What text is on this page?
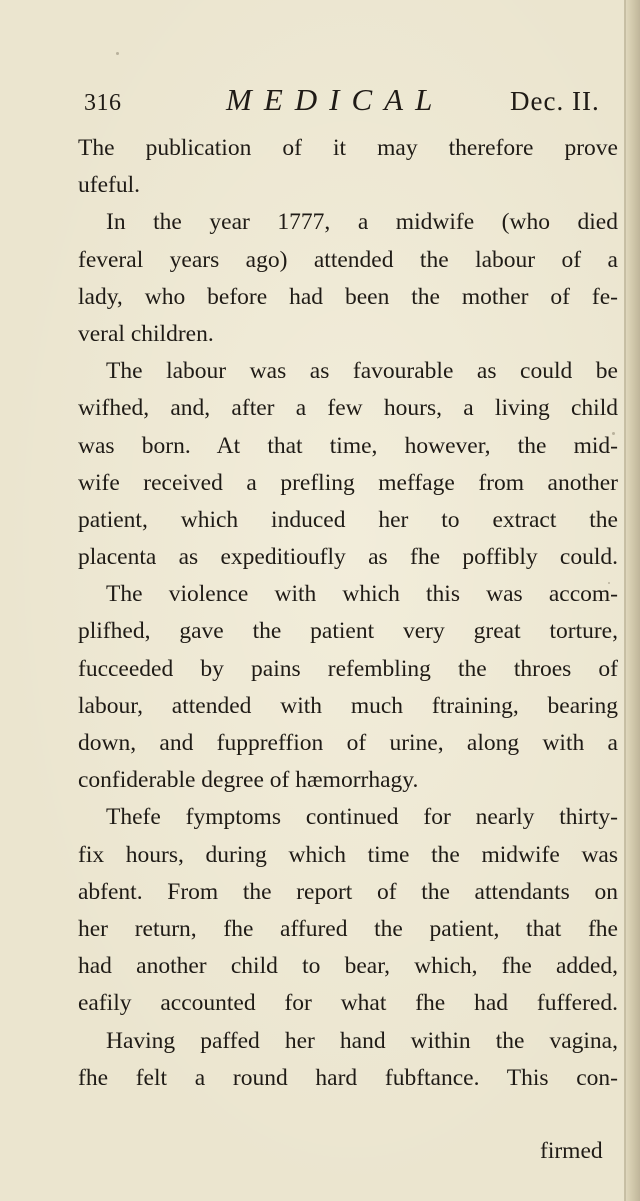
316	MEDICAL Dec. II.
The publication of it may therefore prove
ufeful.
In the year 1777, a midwife (who died
feveral years ago) attended the labour of a
lady, who before had been the mother of fe-
veral children.
The labour was as favourable as could be
wifhed, and, after a few hours, a living child
was born. At that time, however, the mid-
wife received a prefling meffage from another
patient, which induced her to extract the
placenta as expeditioufly as fhe poffibly could.
The violence with which this was accom-
plifhed, gave the patient very great torture,
fucceeded by pains refembling the throes of
labour, attended with much ftraining, bearing
down, and fuppreffion of urine, along with a
confiderable degree of hæmorrhagy.
Thefe fymptoms continued for nearly thirty-
fix hours, during which time the midwife was
abfent. From the report of the attendants on
her return, fhe affured the patient, that fhe
had another child to bear, which, fhe added,
eafily accounted for what fhe had fuffered.
Having paffed her hand within the vagina,
fhe felt a round hard fubftance. This con-
firmed
